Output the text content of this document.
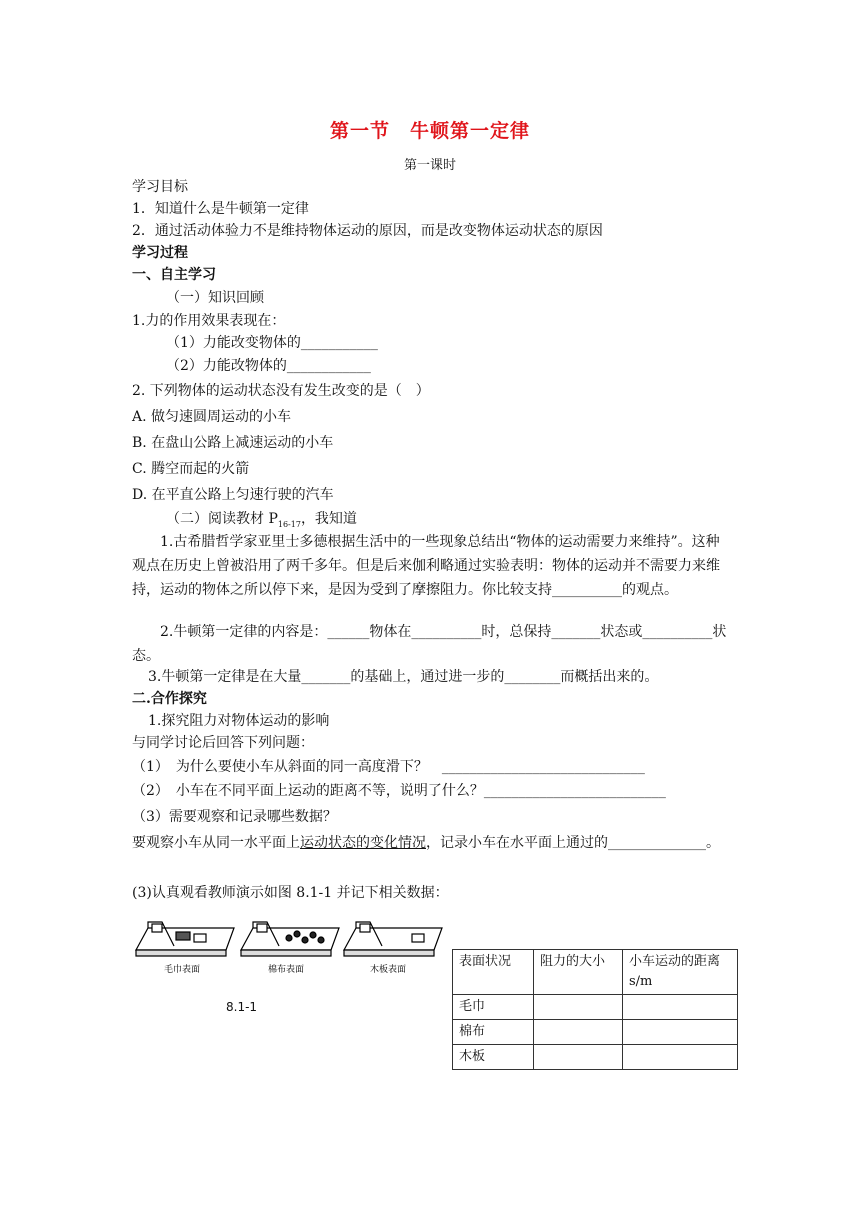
第一节　牛顿第一定律
第一课时
学习目标
1．知道什么是牛顿第一定律
2．通过活动体验力不是维持物体运动的原因，而是改变物体运动状态的原因
学习过程
一、自主学习
（一）知识回顾
1.力的作用效果表现在：
（1）力能改变物体的___________
（2）力能改物体的____________
2. 下列物体的运动状态没有发生改变的是（　）
A. 做匀速圆周运动的小车
B. 在盘山公路上减速运动的小车
C. 腾空而起的火箭
D. 在平直公路上匀速行驶的汽车
（二）阅读教材 $P_{16-17}$，我知道
1.古希腊哲学家亚里士多德根据生活中的一些现象总结出“物体的运动需要力来维持”。这种观点在历史上曾被沿用了两千多年。但是后来伽利略通过实验表明：物体的运动并不需要力来维持，运动的物体之所以停下来，是因为受到了摩擦阻力。你比较支持__________的观点。
2.牛顿第一定律的内容是：______物体在__________时，总保持_______状态或__________状态。
3.牛顿第一定律是在大量_______的基础上，通过进一步的________而概括出来的。
二.合作探究
1.探究阻力对物体运动的影响
与同学讨论后回答下列问题：
（1）　为什么要使小车从斜面的同一高度滑下？　_____________________________
（2）　小车在不同平面上运动的距离不等，说明了什么？__________________________
（3）需要观察和记录哪些数据？
要观察小车从同一水平面上运动状态的变化情况，记录小车在水平面上通过的______________。
(3)认真观看教师演示如图 8.1-1 并记下相关数据：
毛巾表面	棉布表面	木板表面
8.1-1
表面状况	阻力的大小	小车运动的距离 s/m
毛巾		
棉布		
木板		
